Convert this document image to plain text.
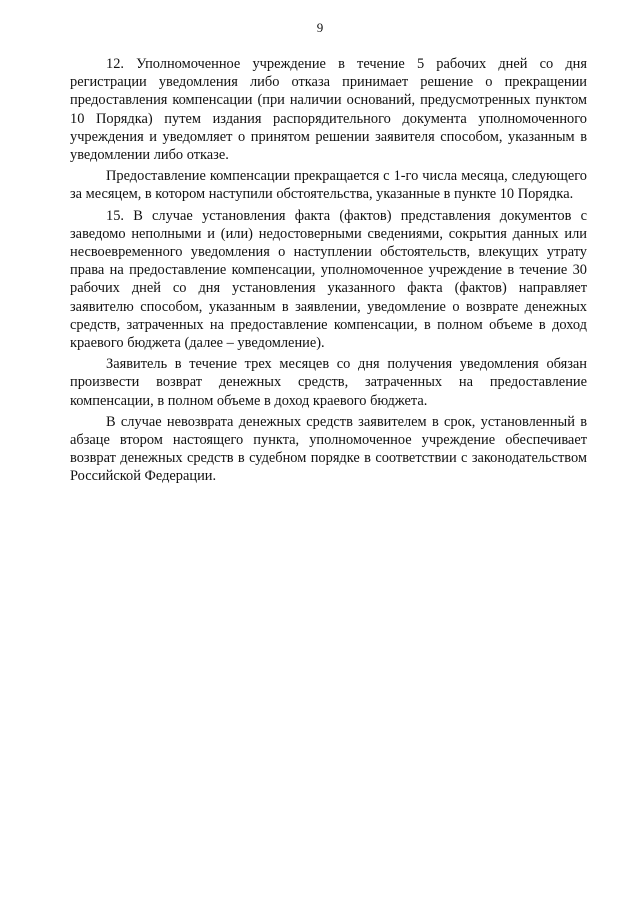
9

12. Уполномоченное учреждение в течение 5 рабочих дней со дня регистрации уведомления либо отказа принимает решение о прекращении предоставления компенсации (при наличии оснований, предусмотренных пунктом 10 Порядка) путем издания распорядительного документа уполномоченного учреждения и уведомляет о принятом решении заявителя способом, указанным в уведомлении либо отказе.

Предоставление компенсации прекращается с 1-го числа месяца, следующего за месяцем, в котором наступили обстоятельства, указанные в пункте 10 Порядка.

15. В случае установления факта (фактов) представления документов с заведомо неполными и (или) недостоверными сведениями, сокрытия данных или несвоевременного уведомления о наступлении обстоятельств, влекущих утрату права на предоставление компенсации, уполномоченное учреждение в течение 30 рабочих дней со дня установления указанного факта (фактов) направляет заявителю способом, указанным в заявлении, уведомление о возврате денежных средств, затраченных на предоставление компенсации, в полном объеме в доход краевого бюджета (далее – уведомление).

Заявитель в течение трех месяцев со дня получения уведомления обязан произвести возврат денежных средств, затраченных на предоставление компенсации, в полном объеме в доход краевого бюджета.

В случае невозврата денежных средств заявителем в срок, установленный в абзаце втором настоящего пункта, уполномоченное учреждение обеспечивает возврат денежных средств в судебном порядке в соответствии с законодательством Российской Федерации.
